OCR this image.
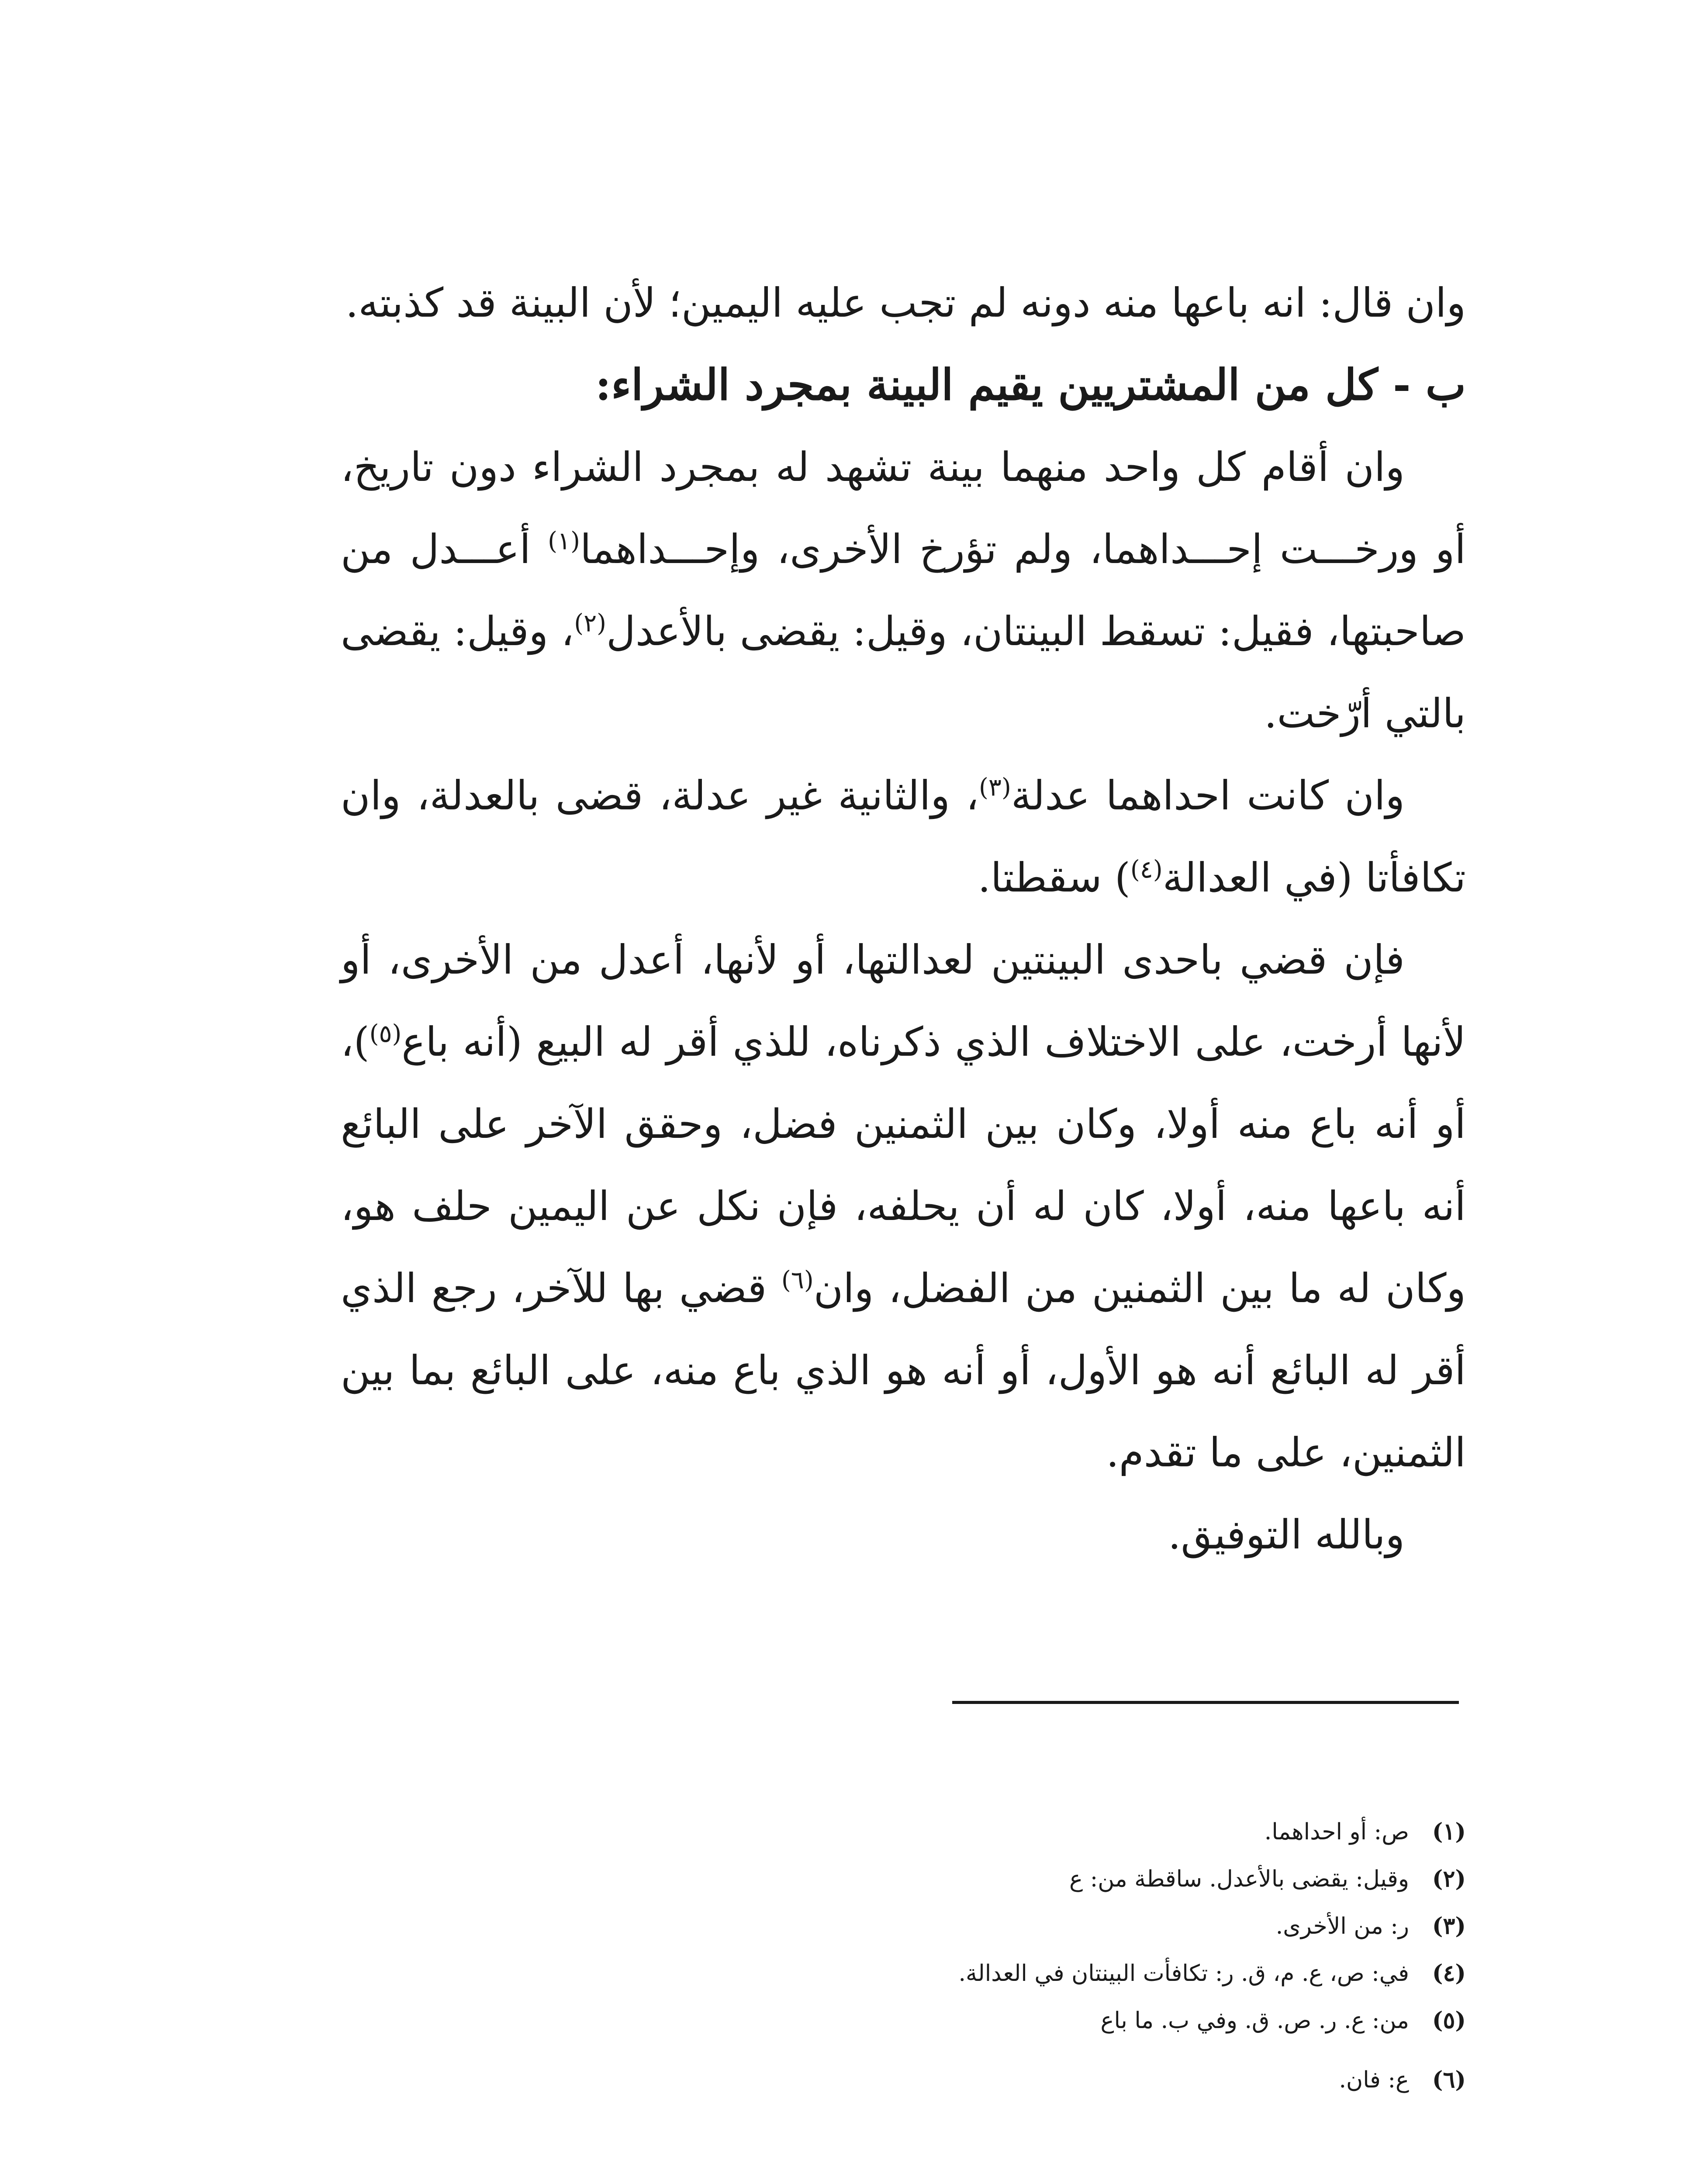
وان قال: انه باعها منه دونه لم تجب عليه اليمين؛ لأن البينة قد كذبته.

ب - كل من المشتريين يقيم البينة بمجرد الشراء:

وان أقام كل واحد منهما بينة تشهد له بمجرد الشراء دون تاريخ، أو ورخـــت إحـــداهما، ولم تؤرخ الأخرى، وإحـــداهما$^{(١)}$ أعـــدل من صاحبتها، فقيل: تسقط البينتان، وقيل: يقضى بالأعدل$^{(٢)}$، وقيل: يقضى بالتي أرّخت.

وان كانت احداهما عدلة$^{(٣)}$، والثانية غير عدلة، قضى بالعدلة، وان تكافأتا (في العدالة$^{(٤)}$) سقطتا.

فإن قضي باحدى البينتين لعدالتها، أو لأنها، أعدل من الأخرى، أو لأنها أرخت، على الاختلاف الذي ذكرناه، للذي أقر له البيع (أنه باع$^{(٥)}$)، أو أنه باع منه أولا، وكان بين الثمنين فضل، وحقق الآخر على البائع أنه باعها منه، أولا، كان له أن يحلفه، فإن نكل عن اليمين حلف هو، وكان له ما بين الثمنين من الفضل، وان$^{(٦)}$ قضي بها للآخر، رجع الذي أقر له البائع أنه هو الأول، أو أنه هو الذي باع منه، على البائع بما بين الثمنين، على ما تقدم.

وبالله التوفيق.

(١)ص: أو احداهما.
(٢)وقيل: يقضى بالأعدل. ساقطة من: ع
(٣)ر: من الأخرى.
(٤)في: ص، ع. م، ق. ر: تكافأت البينتان في العدالة.
(٥)من: ع. ر. ص. ق. وفي ب. ما باع
(٦)ع: فان.
